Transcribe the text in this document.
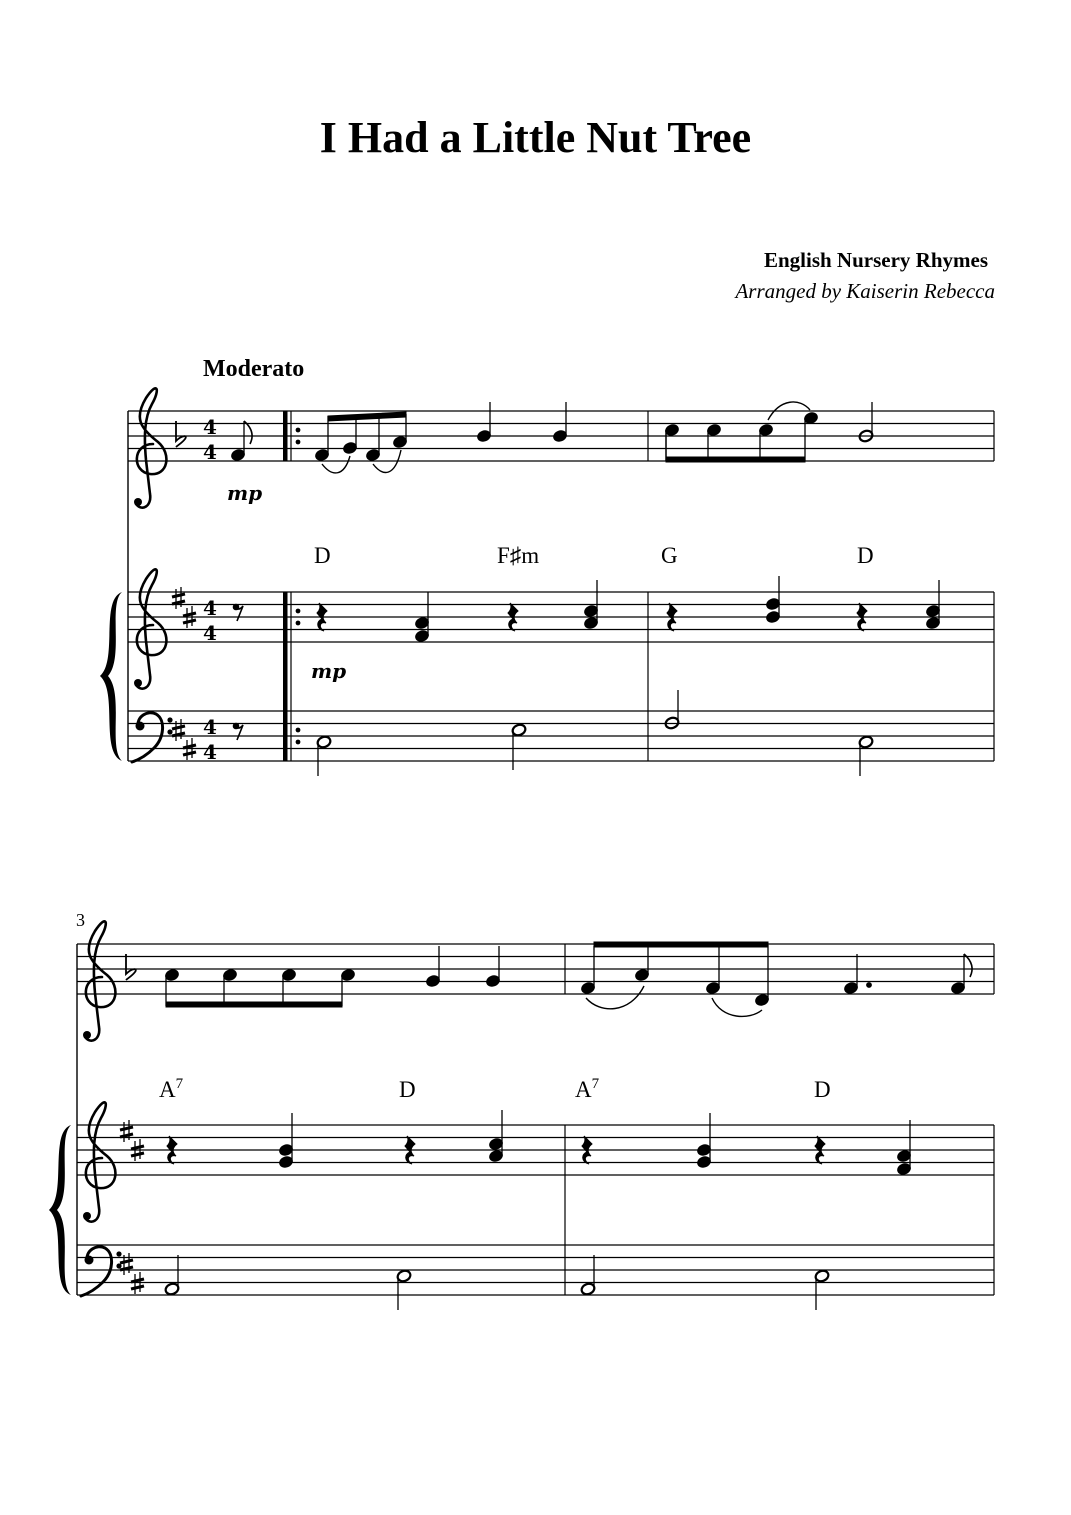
I Had a Little Nut Tree
English Nursery Rhymes
Arranged by Kaiserin Rebecca
Moderato
4
4
4
4
4
4
mp
mp
D	F♯m	G	D
3
$A^7$	D	$A^7$	D
